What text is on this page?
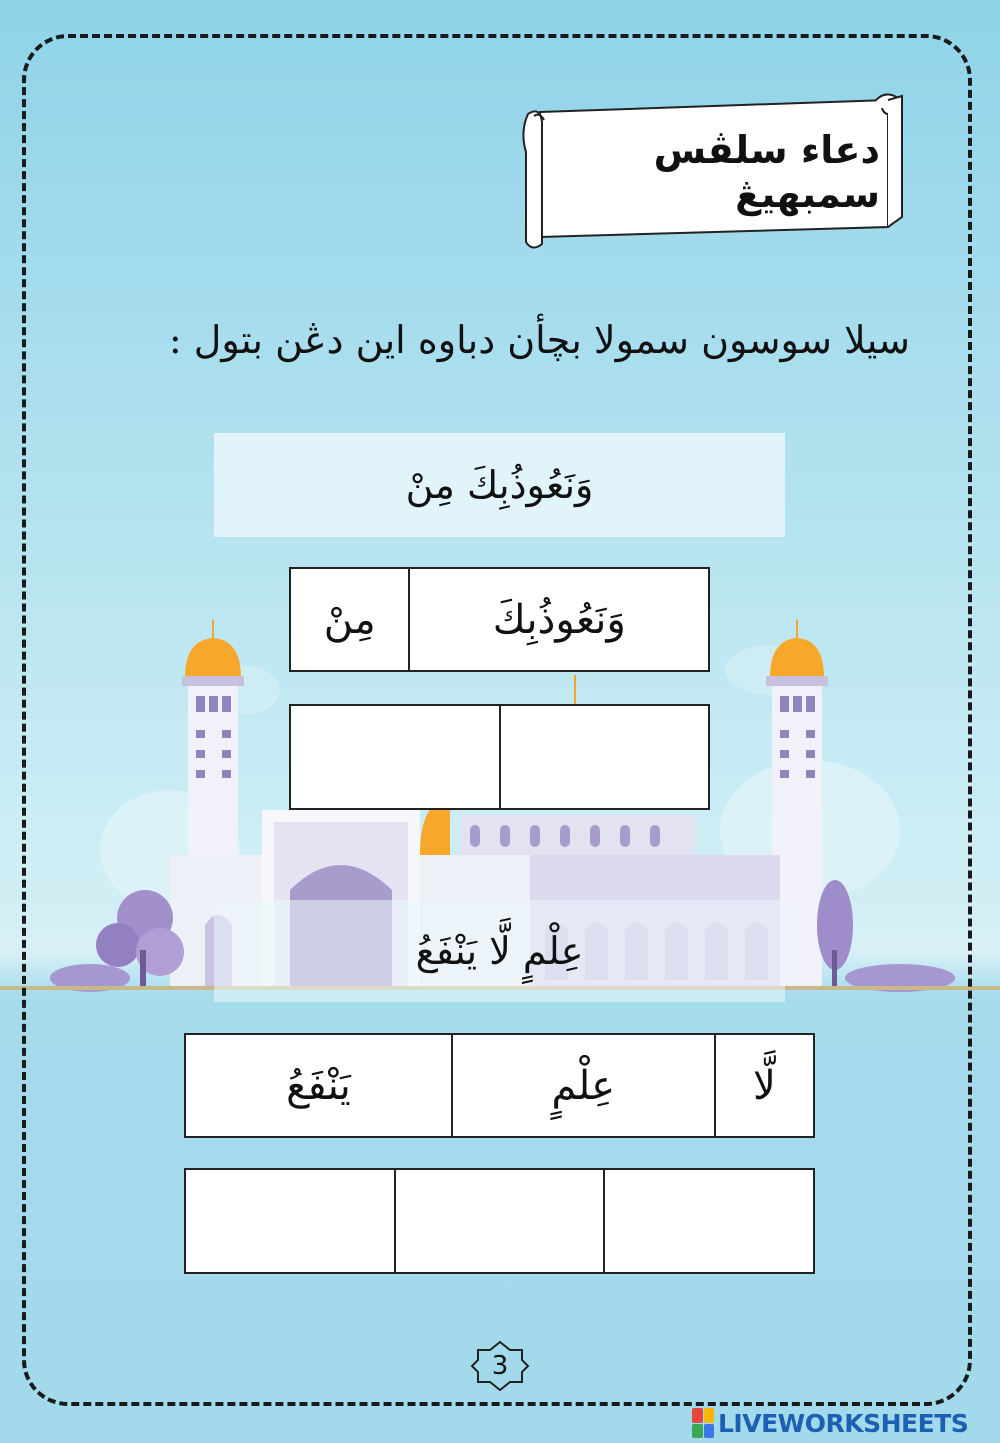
دعاء سلڤس سمبهيڠ
سيلا سوسون سمولا بچأن دباوه اين دڠن بتول :
وَنَعُوذُبِكَ مِنْ
مِنْ	وَنَعُوذُبِكَ

عِلْمٍ لَّا يَنْفَعُ
يَنْفَعُ	عِلْمٍ	لَّا

3
LIVEWORKSHEETS
